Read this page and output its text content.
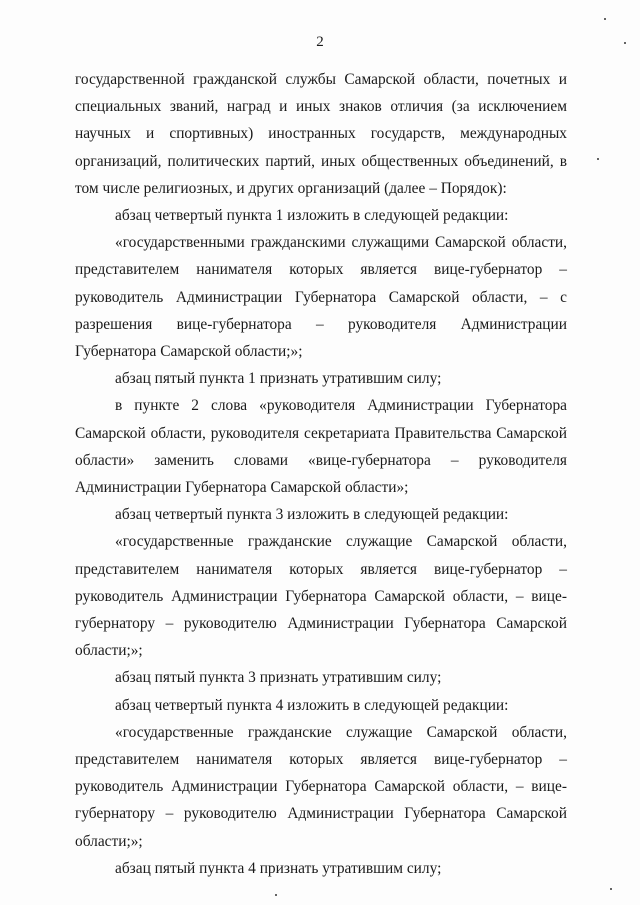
2

государственной гражданской службы Самарской области, почетных и специальных званий, наград и иных знаков отличия (за исключением научных и спортивных) иностранных государств, международных организаций, политических партий, иных общественных объединений, в том числе религиозных, и других организаций (далее – Порядок):

абзац четвертый пункта 1 изложить в следующей редакции:

«государственными гражданскими служащими Самарской области, представителем нанимателя которых является вице-губернатор – руководитель Администрации Губернатора Самарской области, – с разрешения вице-губернатора – руководителя Администрации Губернатора Самарской области;»;

абзац пятый пункта 1 признать утратившим силу;

в пункте 2 слова «руководителя Администрации Губернатора Самарской области, руководителя секретариата Правительства Самарской области» заменить словами «вице-губернатора – руководителя Администрации Губернатора Самарской области»;

абзац четвертый пункта 3 изложить в следующей редакции:

«государственные гражданские служащие Самарской области, представителем нанимателя которых является вице-губернатор – руководитель Администрации Губернатора Самарской области, – вице-губернатору – руководителю Администрации Губернатора Самарской области;»;

абзац пятый пункта 3 признать утратившим силу;

абзац четвертый пункта 4 изложить в следующей редакции:

«государственные гражданские служащие Самарской области, представителем нанимателя которых является вице-губернатор – руководитель Администрации Губернатора Самарской области, – вице-губернатору – руководителю Администрации Губернатора Самарской области;»;

абзац пятый пункта 4 признать утратившим силу;
